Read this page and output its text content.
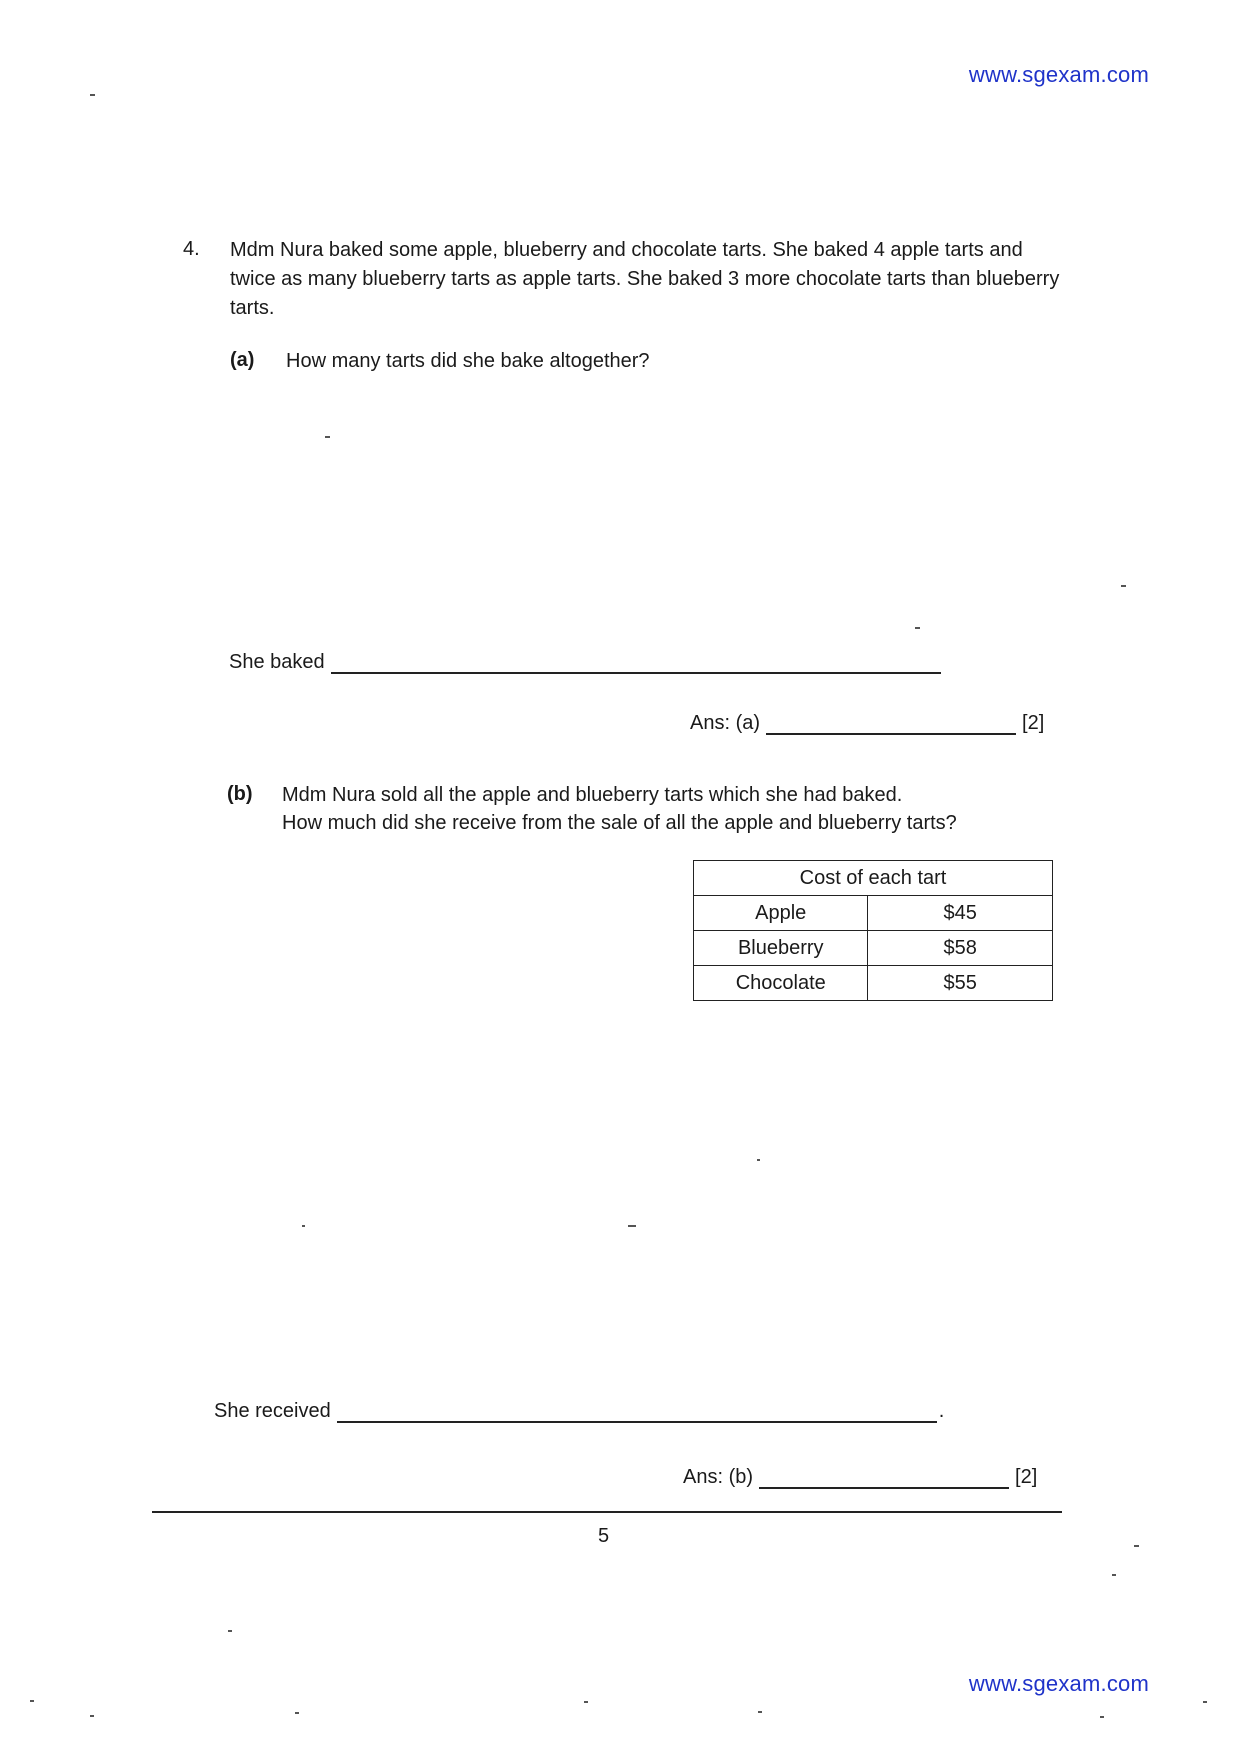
www.sgexam.com
4. Mdm Nura baked some apple, blueberry and chocolate tarts. She baked 4 apple tarts and twice as many blueberry tarts as apple tarts. She baked 3 more chocolate tarts than blueberry tarts.
(a) How many tarts did she bake altogether?
She baked
Ans: (a)	[2]
(b) Mdm Nura sold all the apple and blueberry tarts which she had baked.
How much did she receive from the sale of all the apple and blueberry tarts?
Cost of each tart	
Apple	$45
Blueberry	$58
Chocolate	$55
She received	.
Ans: (b)	[2]
5
www.sgexam.com
